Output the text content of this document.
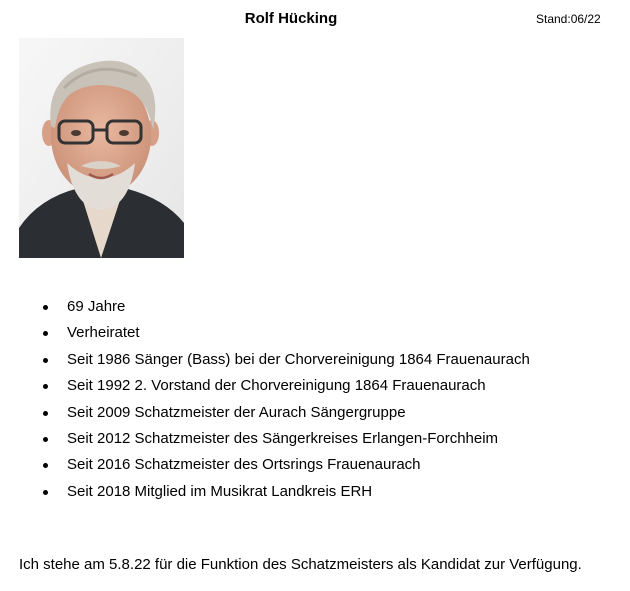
Rolf Hücking	Stand:06/22
69 Jahre
Verheiratet
Seit 1986 Sänger (Bass) bei der Chorvereinigung 1864 Frauenaurach
Seit 1992 2. Vorstand der Chorvereinigung 1864 Frauenaurach
Seit 2009 Schatzmeister der Aurach Sängergruppe
Seit 2012 Schatzmeister des Sängerkreises Erlangen-Forchheim
Seit 2016 Schatzmeister des Ortsrings Frauenaurach
Seit 2018 Mitglied im Musikrat Landkreis ERH
Ich stehe am 5.8.22 für die Funktion des Schatzmeisters als Kandidat zur Verfügung.
